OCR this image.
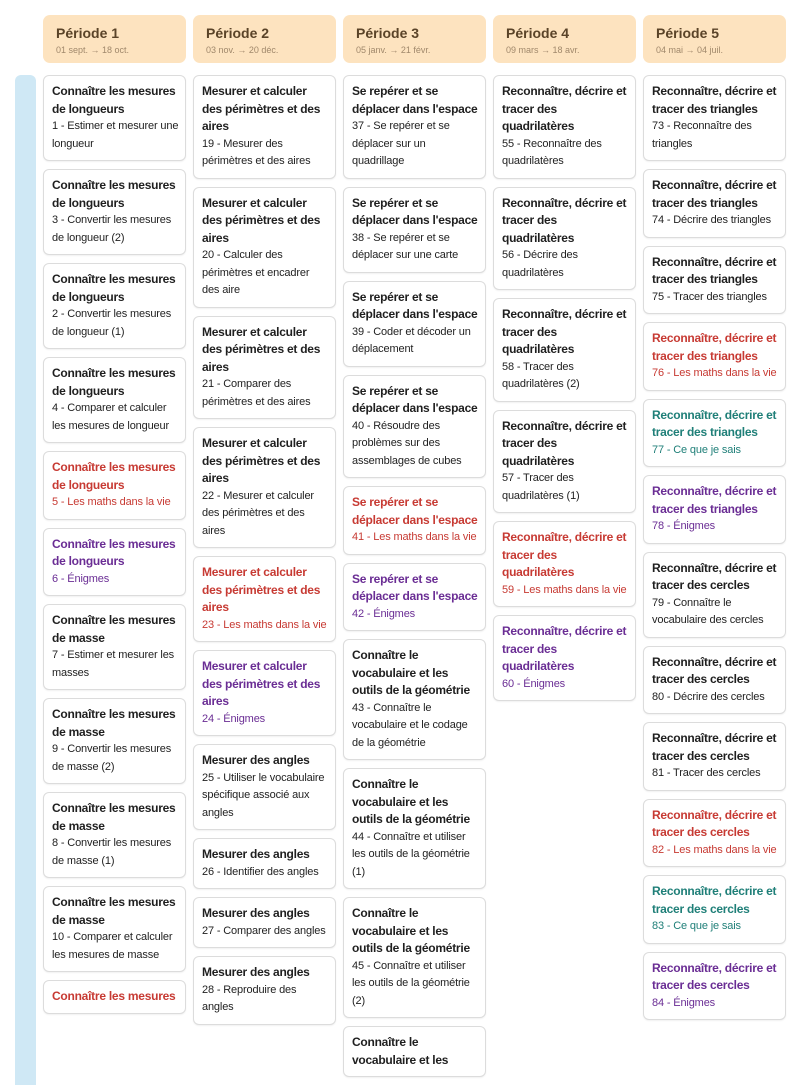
Période 1
01 sept. → 18 oct.
Connaître les mesures de longueurs
1 - Estimer et mesurer une longueur
Connaître les mesures de longueurs
3 - Convertir les mesures de longueur (2)
Connaître les mesures de longueurs
2 - Convertir les mesures de longueur (1)
Connaître les mesures de longueurs
4 - Comparer et calculer les mesures de longueur
Connaître les mesures de longueurs
5 - Les maths dans la vie
Connaître les mesures de longueurs
6 - Énigmes
Connaître les mesures de masse
7 - Estimer et mesurer les masses
Connaître les mesures de masse
9 - Convertir les mesures de masse (2)
Connaître les mesures de masse
8 - Convertir les mesures de masse (1)
Connaître les mesures de masse
10 - Comparer et calculer les mesures de masse
Connaître les mesures
Période 2
03 nov. → 20 déc.
Mesurer et calculer des périmètres et des aires
19 - Mesurer des périmètres et des aires
Mesurer et calculer des périmètres et des aires
20 - Calculer des périmètres et encadrer des aire
Mesurer et calculer des périmètres et des aires
21 - Comparer des périmètres et des aires
Mesurer et calculer des périmètres et des aires
22 - Mesurer et calculer des périmètres et des aires
Mesurer et calculer des périmètres et des aires
23 - Les maths dans la vie
Mesurer et calculer des périmètres et des aires
24 - Énigmes
Mesurer des angles
25 - Utiliser le vocabulaire spécifique associé aux angles
Mesurer des angles
26 - Identifier des angles
Mesurer des angles
27 - Comparer des angles
Mesurer des angles
28 - Reproduire des angles
Période 3
05 janv. → 21 févr.
Se repérer et se déplacer dans l'espace
37 - Se repérer et se déplacer sur un quadrillage
Se repérer et se déplacer dans l'espace
38 - Se repérer et se déplacer sur une carte
Se repérer et se déplacer dans l'espace
39 - Coder et décoder un déplacement
Se repérer et se déplacer dans l'espace
40 - Résoudre des problèmes sur des assemblages de cubes
Se repérer et se déplacer dans l'espace
41 - Les maths dans la vie
Se repérer et se déplacer dans l'espace
42 - Énigmes
Connaître le vocabulaire et les outils de la géométrie
43 - Connaître le vocabulaire et le codage de la géométrie
Connaître le vocabulaire et les outils de la géométrie
44 - Connaître et utiliser les outils de la géométrie (1)
Connaître le vocabulaire et les outils de la géométrie
45 - Connaître et utiliser les outils de la géométrie (2)
Connaître le vocabulaire et les
Période 4
09 mars → 18 avr.
Reconnaître, décrire et tracer des quadrilatères
55 - Reconnaître des quadrilatères
Reconnaître, décrire et tracer des quadrilatères
56 - Décrire des quadrilatères
Reconnaître, décrire et tracer des quadrilatères
58 - Tracer des quadrilatères (2)
Reconnaître, décrire et tracer des quadrilatères
57 - Tracer des quadrilatères (1)
Reconnaître, décrire et tracer des quadrilatères
59 - Les maths dans la vie
Reconnaître, décrire et tracer des quadrilatères
60 - Énigmes
Période 5
04 mai → 04 juil.
Reconnaître, décrire et tracer des triangles
73 - Reconnaître des triangles
Reconnaître, décrire et tracer des triangles
74 - Décrire des triangles
Reconnaître, décrire et tracer des triangles
75 - Tracer des triangles
Reconnaître, décrire et tracer des triangles
76 - Les maths dans la vie
Reconnaître, décrire et tracer des triangles
77 - Ce que je sais
Reconnaître, décrire et tracer des triangles
78 - Énigmes
Reconnaître, décrire et tracer des cercles
79 - Connaître le vocabulaire des cercles
Reconnaître, décrire et tracer des cercles
80 - Décrire des cercles
Reconnaître, décrire et tracer des cercles
81 - Tracer des cercles
Reconnaître, décrire et tracer des cercles
82 - Les maths dans la vie
Reconnaître, décrire et tracer des cercles
83 - Ce que je sais
Reconnaître, décrire et tracer des cercles
84 - Énigmes
